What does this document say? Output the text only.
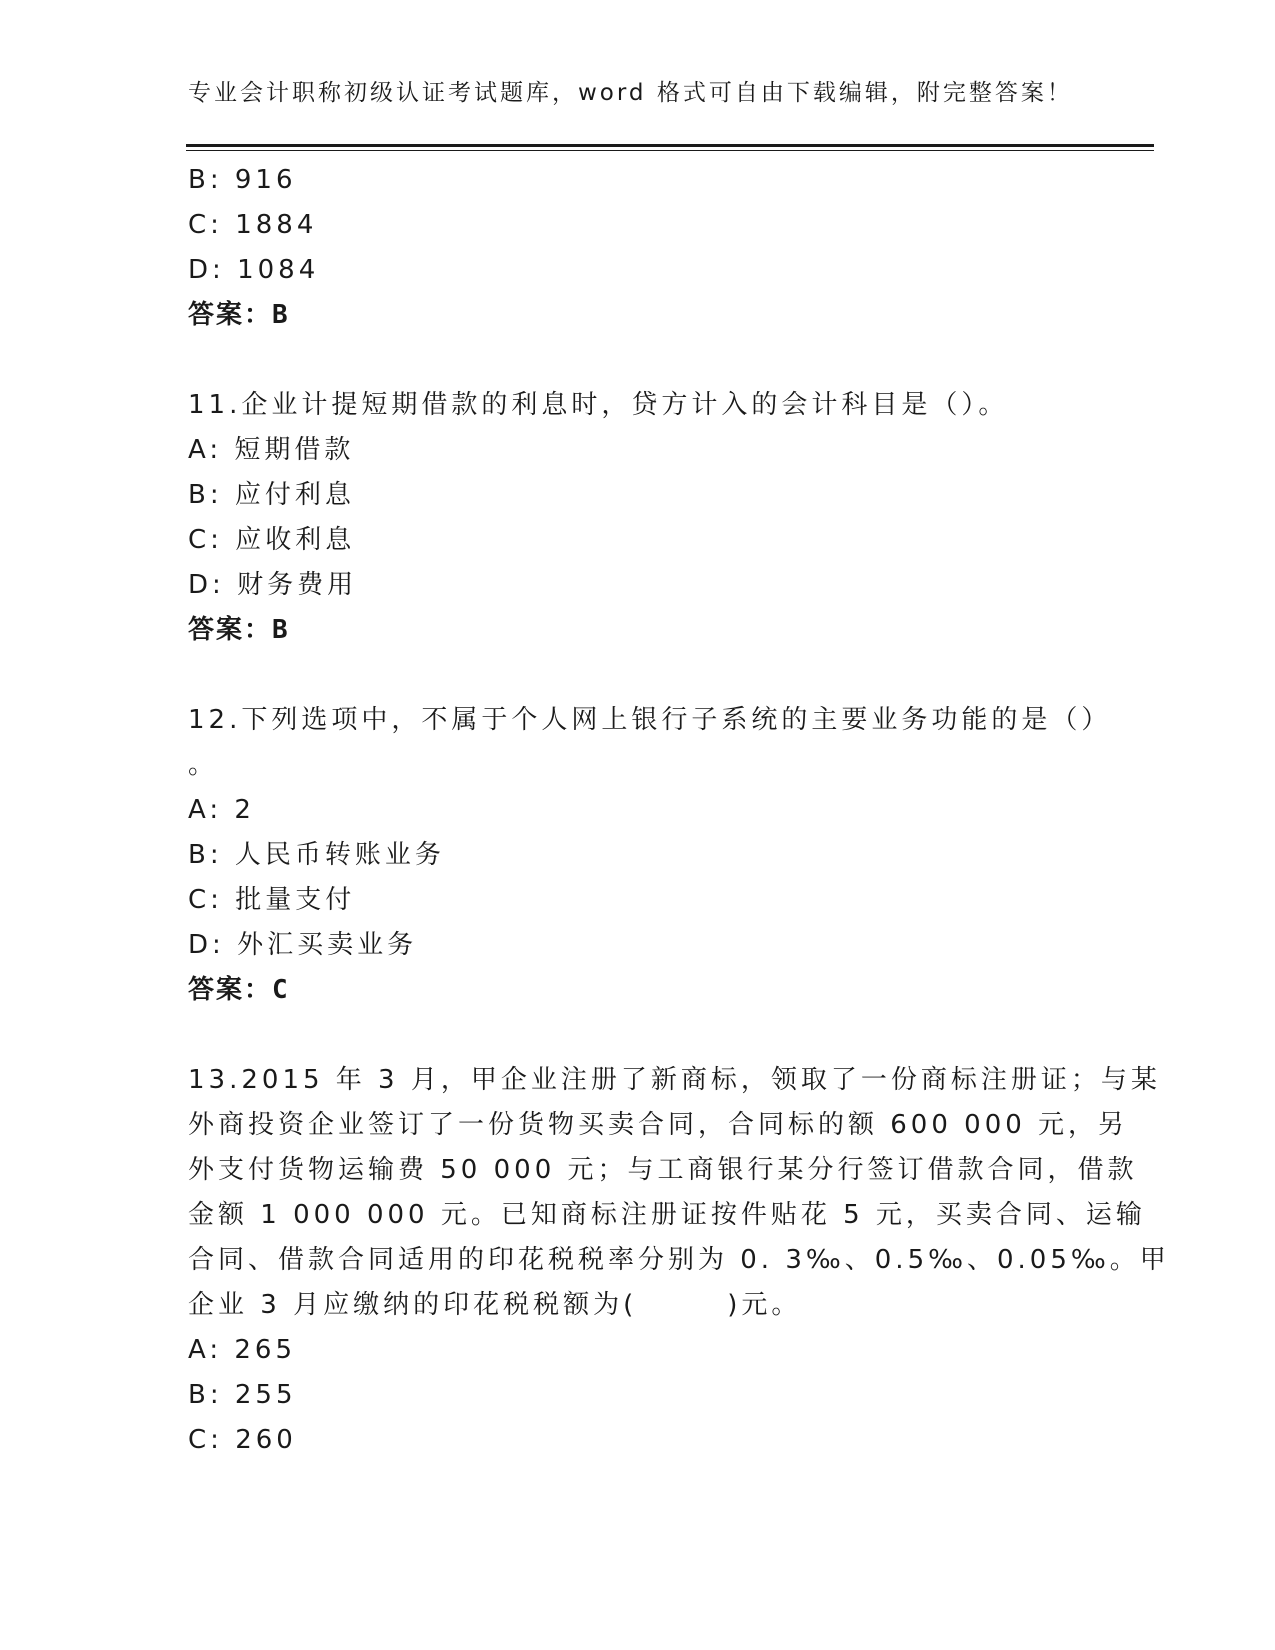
专业会计职称初级认证考试题库，word 格式可自由下载编辑，附完整答案！
B: 916
C: 1884
D: 1084
答案：B
11.企业计提短期借款的利息时，贷方计入的会计科目是（）。
A: 短期借款
B: 应付利息
C: 应收利息
D: 财务费用
答案：B
12.下列选项中，不属于个人网上银行子系统的主要业务功能的是（）
。
A: 2
B: 人民币转账业务
C: 批量支付
D: 外汇买卖业务
答案：C
13.2015 年 3 月，甲企业注册了新商标，领取了一份商标注册证；与某
外商投资企业签订了一份货物买卖合同，合同标的额 600 000 元，另
外支付货物运输费 50 000 元；与工商银行某分行签订借款合同，借款
金额 1 000 000 元。已知商标注册证按件贴花 5 元，买卖合同、运输
合同、借款合同适用的印花税税率分别为 0. 3‰、0.5‰、0.05‰。甲
企业 3 月应缴纳的印花税税额为(　　　)元。
A: 265
B: 255
C: 260
